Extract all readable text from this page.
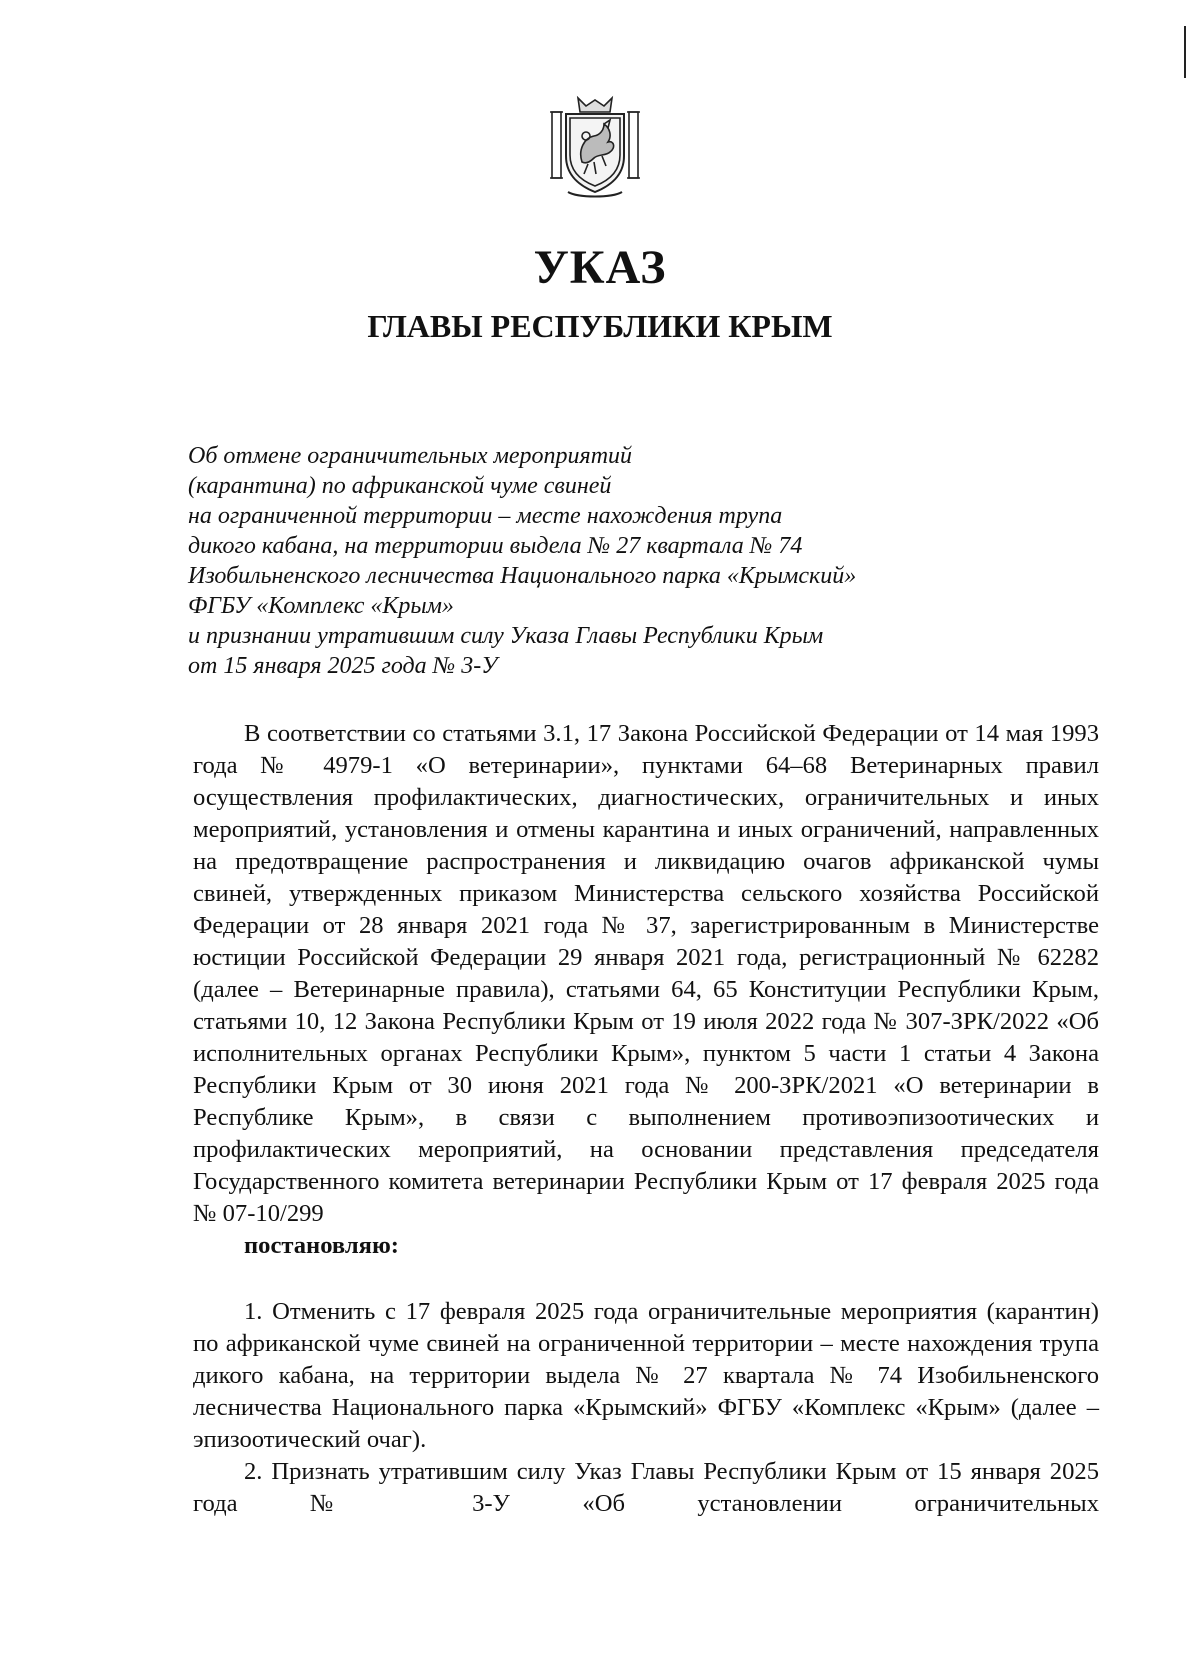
УКАЗ
ГЛАВЫ РЕСПУБЛИКИ КРЫМ
Об отмене ограничительных мероприятий
(карантина) по африканской чуме свиней
на ограниченной территории – месте нахождения трупа
дикого кабана, на территории выдела № 27 квартала № 74
Изобильненского лесничества Национального парка «Крымский»
ФГБУ «Комплекс «Крым»
и признании утратившим силу Указа Главы Республики Крым
от 15 января 2025 года № 3-У

В соответствии со статьями 3.1, 17 Закона Российской Федерации от 14 мая 1993 года № 4979-1 «О ветеринарии», пунктами 64–68 Ветеринарных правил осуществления профилактических, диагностических, ограничительных и иных мероприятий, установления и отмены карантина и иных ограничений, направленных на предотвращение распространения и ликвидацию очагов африканской чумы свиней, утвержденных приказом Министерства сельского хозяйства Российской Федерации от 28 января 2021 года № 37, зарегистрированным в Министерстве юстиции Российской Федерации 29 января 2021 года, регистрационный № 62282 (далее – Ветеринарные правила), статьями 64, 65 Конституции Республики Крым, статьями 10, 12 Закона Республики Крым от 19 июля 2022 года № 307-ЗРК/2022 «Об исполнительных органах Республики Крым», пунктом 5 части 1 статьи 4 Закона Республики Крым от 30 июня 2021 года № 200-ЗРК/2021 «О ветеринарии в Республике Крым», в связи с выполнением противоэпизоотических и профилактических мероприятий, на основании представления председателя Государственного комитета ветеринарии Республики Крым от 17 февраля 2025 года № 07-10/299
постановляю:

1. Отменить с 17 февраля 2025 года ограничительные мероприятия (карантин) по африканской чуме свиней на ограниченной территории – месте нахождения трупа дикого кабана, на территории выдела № 27 квартала № 74 Изобильненского лесничества Национального парка «Крымский» ФГБУ «Комплекс «Крым» (далее – эпизоотический очаг).

2. Признать утратившим силу Указ Главы Республики Крым от 15 января 2025 года № 3-У «Об установлении ограничительных
